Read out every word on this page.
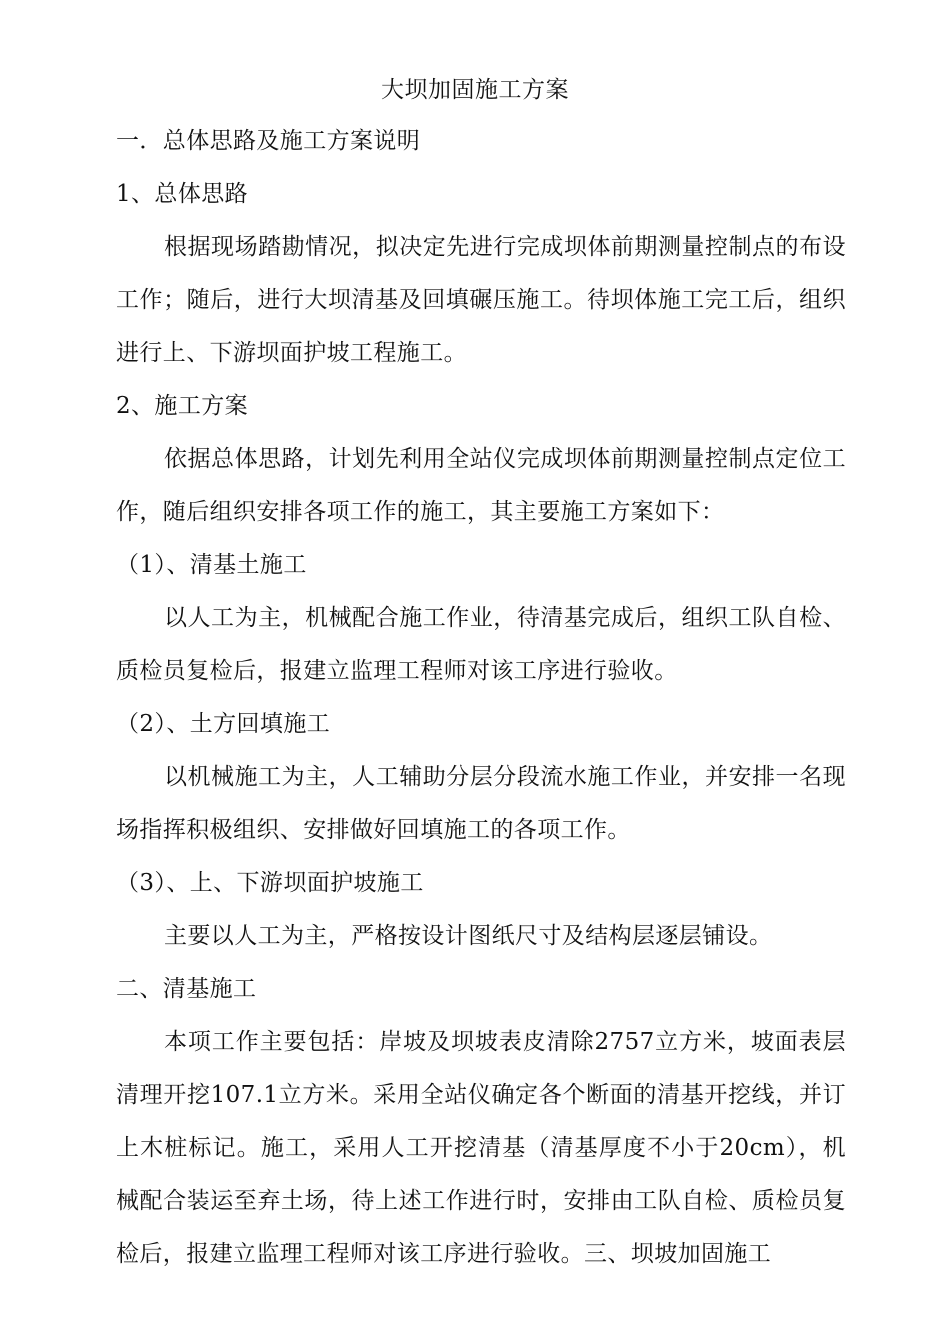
大坝加固施工方案

一．总体思路及施工方案说明

1、总体思路

根据现场踏勘情况，拟决定先进行完成坝体前期测量控制点的布设工作；随后，进行大坝清基及回填碾压施工。待坝体施工完工后，组织进行上、下游坝面护坡工程施工。

2、施工方案

依据总体思路，计划先利用全站仪完成坝体前期测量控制点定位工作，随后组织安排各项工作的施工，其主要施工方案如下：

（1）、清基土施工

以人工为主，机械配合施工作业，待清基完成后，组织工队自检、质检员复检后，报建立监理工程师对该工序进行验收。

（2）、土方回填施工

以机械施工为主，人工辅助分层分段流水施工作业，并安排一名现场指挥积极组织、安排做好回填施工的各项工作。

（3）、上、下游坝面护坡施工

主要以人工为主，严格按设计图纸尺寸及结构层逐层铺设。

二、清基施工

本项工作主要包括：岸坡及坝坡表皮清除2757立方米，坡面表层清理开挖107.1立方米。采用全站仪确定各个断面的清基开挖线，并订上木桩标记。施工，采用人工开挖清基（清基厚度不小于20cm），机械配合装运至弃土场，待上述工作进行时，安排由工队自检、质检员复检后，报建立监理工程师对该工序进行验收。三、坝坡加固施工
